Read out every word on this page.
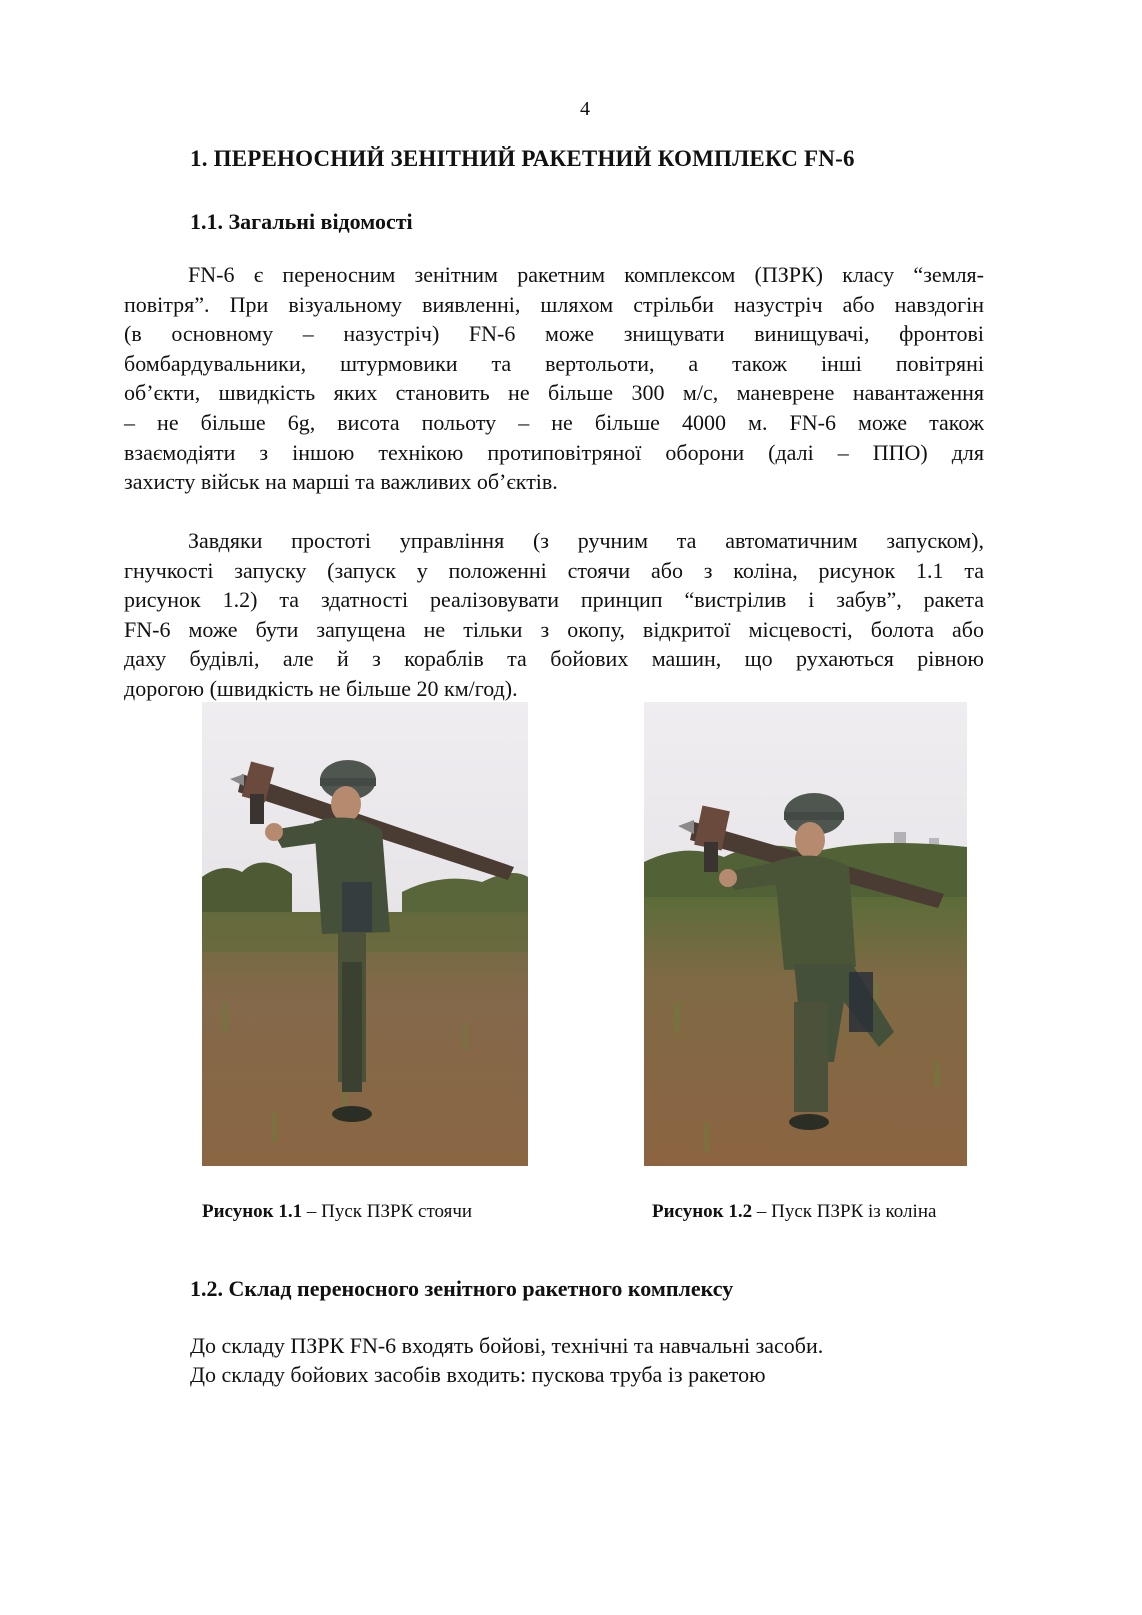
4
1. ПЕРЕНОСНИЙ ЗЕНІТНИЙ РАКЕТНИЙ КОМПЛЕКС FN-6
1.1. Загальні відомості
FN-6 є переносним зенітним ракетним комплексом (ПЗРК) класу “земля-
повітря”. При візуальному виявленні, шляхом стрільби назустріч або навздогін
(в основному – назустріч) FN-6 може знищувати винищувачі, фронтові
бомбардувальники, штурмовики та вертольоти, а також інші повітряні
об’єкти, швидкість яких становить не більше 300 м/с, маневрене навантаження
– не більше 6g, висота польоту – не більше 4000 м. FN-6 може також
взаємодіяти з іншою технікою протиповітряної оборони (далі – ППО) для
захисту військ на марші та важливих об’єктів.
Завдяки простоті управління (з ручним та автоматичним запуском),
гнучкості запуску (запуск у положенні стоячи або з коліна, рисунок 1.1 та
рисунок 1.2) та здатності реалізовувати принцип “вистрілив і забув”, ракета
FN-6 може бути запущена не тільки з окопу, відкритої місцевості, болота або
даху будівлі, але й з кораблів та бойових машин, що рухаються рівною
дорогою (швидкість не більше 20 км/год).
Рисунок 1.1 – Пуск ПЗРК стоячи	Рисунок 1.2 – Пуск ПЗРК із коліна
1.2. Склад переносного зенітного ракетного комплексу
До складу ПЗРК FN-6 входять бойові, технічні та навчальні засоби.
До складу бойових засобів входить: пускова труба із ракетою
